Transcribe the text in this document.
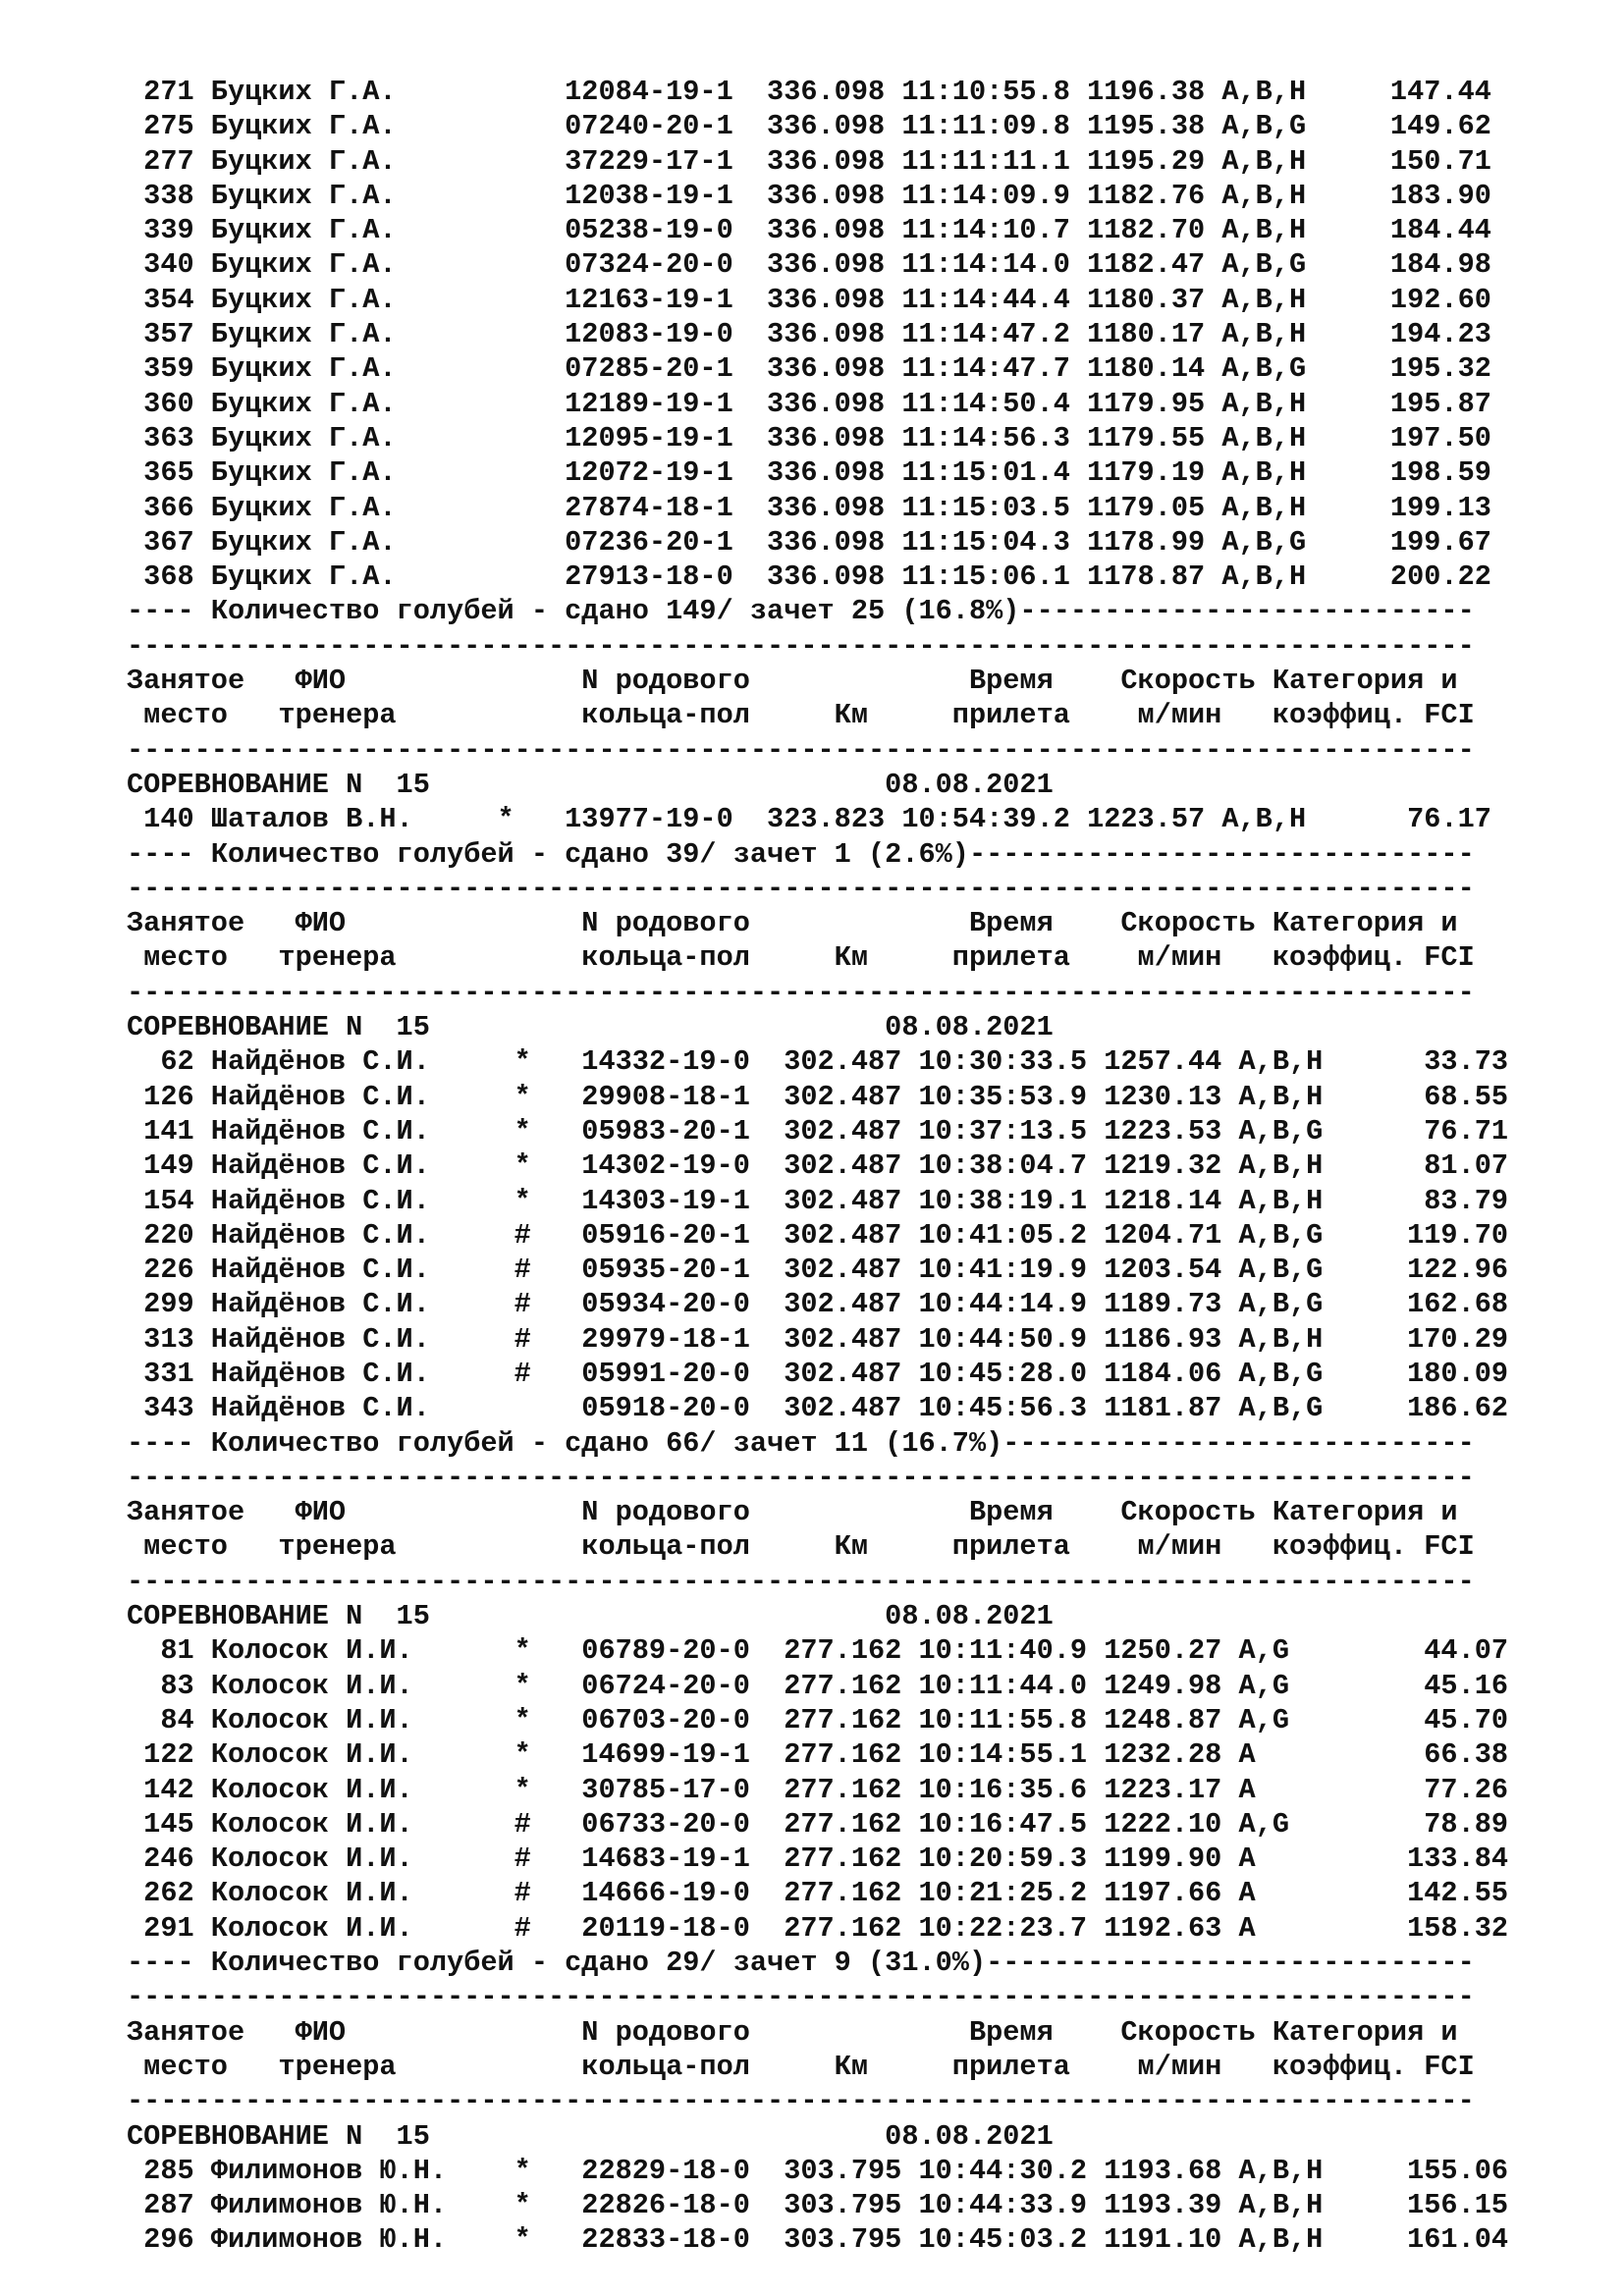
271 Буцких Г.А.          12084-19-1  336.098 11:10:55.8 1196.38 A,B,H     147.44
275 Буцких Г.А.          07240-20-1  336.098 11:11:09.8 1195.38 A,B,G     149.62
277 Буцких Г.А.          37229-17-1  336.098 11:11:11.1 1195.29 A,B,H     150.71
338 Буцких Г.А.          12038-19-1  336.098 11:14:09.9 1182.76 A,B,H     183.90
339 Буцких Г.А.          05238-19-0  336.098 11:14:10.7 1182.70 A,B,H     184.44
340 Буцких Г.А.          07324-20-0  336.098 11:14:14.0 1182.47 A,B,G     184.98
354 Буцких Г.А.          12163-19-1  336.098 11:14:44.4 1180.37 A,B,H     192.60
357 Буцких Г.А.          12083-19-0  336.098 11:14:47.2 1180.17 A,B,H     194.23
359 Буцких Г.А.          07285-20-1  336.098 11:14:47.7 1180.14 A,B,G     195.32
360 Буцких Г.А.          12189-19-1  336.098 11:14:50.4 1179.95 A,B,H     195.87
363 Буцких Г.А.          12095-19-1  336.098 11:14:56.3 1179.55 A,B,H     197.50
365 Буцких Г.А.          12072-19-1  336.098 11:15:01.4 1179.19 A,B,H     198.59
366 Буцких Г.А.          27874-18-1  336.098 11:15:03.5 1179.05 A,B,H     199.13
367 Буцких Г.А.          07236-20-1  336.098 11:15:04.3 1178.99 A,B,G     199.67
368 Буцких Г.А.          27913-18-0  336.098 11:15:06.1 1178.87 A,B,H     200.22
---- Количество голубей - сдано 149/ зачет 25 (16.8%)---------------------------
--------------------------------------------------------------------------------
Занятое   ФИО              N родового             Время    Скорость Категория и
место   тренера           кольца-пол     Км     прилета    м/мин   коэффиц. FCI
--------------------------------------------------------------------------------
СОРЕВНОВАНИЕ N  15                           08.08.2021
140 Шаталов В.Н.     *   13977-19-0  323.823 10:54:39.2 1223.57 A,B,H      76.17
---- Количество голубей - сдано 39/ зачет 1 (2.6%)------------------------------
--------------------------------------------------------------------------------
Занятое   ФИО              N родового             Время    Скорость Категория и
место   тренера           кольца-пол     Км     прилета    м/мин   коэффиц. FCI
--------------------------------------------------------------------------------
СОРЕВНОВАНИЕ N  15                           08.08.2021
62 Найдёнов С.И.     *   14332-19-0  302.487 10:30:33.5 1257.44 A,B,H      33.73
126 Найдёнов С.И.     *   29908-18-1  302.487 10:35:53.9 1230.13 A,B,H      68.55
141 Найдёнов С.И.     *   05983-20-1  302.487 10:37:13.5 1223.53 A,B,G      76.71
149 Найдёнов С.И.     *   14302-19-0  302.487 10:38:04.7 1219.32 A,B,H      81.07
154 Найдёнов С.И.     *   14303-19-1  302.487 10:38:19.1 1218.14 A,B,H      83.79
220 Найдёнов С.И.     #   05916-20-1  302.487 10:41:05.2 1204.71 A,B,G     119.70
226 Найдёнов С.И.     #   05935-20-1  302.487 10:41:19.9 1203.54 A,B,G     122.96
299 Найдёнов С.И.     #   05934-20-0  302.487 10:44:14.9 1189.73 A,B,G     162.68
313 Найдёнов С.И.     #   29979-18-1  302.487 10:44:50.9 1186.93 A,B,H     170.29
331 Найдёнов С.И.     #   05991-20-0  302.487 10:45:28.0 1184.06 A,B,G     180.09
343 Найдёнов С.И.         05918-20-0  302.487 10:45:56.3 1181.87 A,B,G     186.62
---- Количество голубей - сдано 66/ зачет 11 (16.7%)----------------------------
--------------------------------------------------------------------------------
Занятое   ФИО              N родового             Время    Скорость Категория и
место   тренера           кольца-пол     Км     прилета    м/мин   коэффиц. FCI
--------------------------------------------------------------------------------
СОРЕВНОВАНИЕ N  15                           08.08.2021
81 Колосок И.И.      *   06789-20-0  277.162 10:11:40.9 1250.27 A,G        44.07
83 Колосок И.И.      *   06724-20-0  277.162 10:11:44.0 1249.98 A,G        45.16
84 Колосок И.И.      *   06703-20-0  277.162 10:11:55.8 1248.87 A,G        45.70
122 Колосок И.И.      *   14699-19-1  277.162 10:14:55.1 1232.28 A          66.38
142 Колосок И.И.      *   30785-17-0  277.162 10:16:35.6 1223.17 A          77.26
145 Колосок И.И.      #   06733-20-0  277.162 10:16:47.5 1222.10 A,G        78.89
246 Колосок И.И.      #   14683-19-1  277.162 10:20:59.3 1199.90 A         133.84
262 Колосок И.И.      #   14666-19-0  277.162 10:21:25.2 1197.66 A         142.55
291 Колосок И.И.      #   20119-18-0  277.162 10:22:23.7 1192.63 A         158.32
---- Количество голубей - сдано 29/ зачет 9 (31.0%)-----------------------------
--------------------------------------------------------------------------------
Занятое   ФИО              N родового             Время    Скорость Категория и
место   тренера           кольца-пол     Км     прилета    м/мин   коэффиц. FCI
--------------------------------------------------------------------------------
СОРЕВНОВАНИЕ N  15                           08.08.2021
285 Филимонов Ю.Н.    *   22829-18-0  303.795 10:44:30.2 1193.68 A,B,H     155.06
287 Филимонов Ю.Н.    *   22826-18-0  303.795 10:44:33.9 1193.39 A,B,H     156.15
296 Филимонов Ю.Н.    *   22833-18-0  303.795 10:45:03.2 1191.10 A,B,H     161.04
